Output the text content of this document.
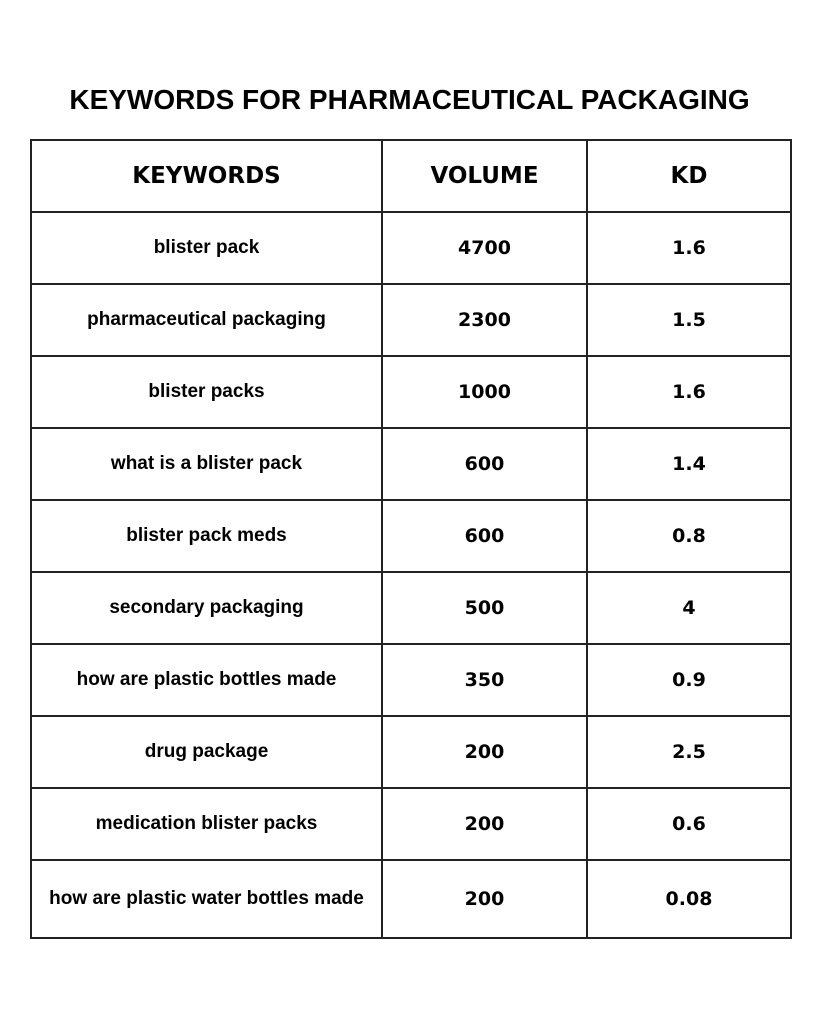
KEYWORDS FOR PHARMACEUTICAL PACKAGING
KEYWORDS	VOLUME	KD
blister pack	4700	1.6
pharmaceutical packaging	2300	1.5
blister packs	1000	1.6
what is a blister pack	600	1.4
blister pack meds	600	0.8
secondary packaging	500	4
how are plastic bottles made	350	0.9
drug package	200	2.5
medication blister packs	200	0.6
how are plastic water bottles made	200	0.08
